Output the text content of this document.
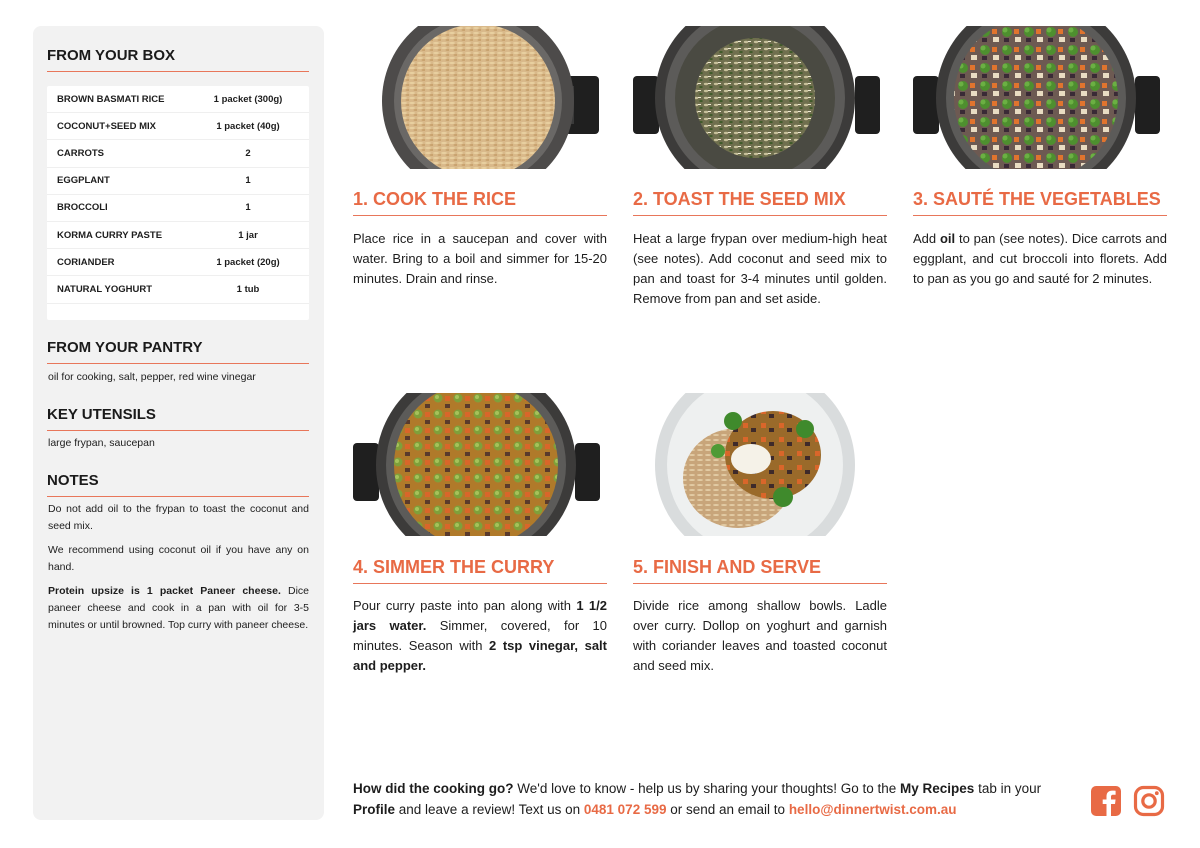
FROM YOUR BOX
BROWN BASMATI RICE	1 packet (300g)
COCONUT+SEED MIX	1 packet (40g)
CARROTS	2
EGGPLANT	1
BROCCOLI	1
KORMA CURRY PASTE	1 jar
CORIANDER	1 packet (20g)
NATURAL YOGHURT	1 tub
FROM YOUR PANTRY
oil for cooking, salt, pepper, red wine vinegar
KEY UTENSILS
large frypan, saucepan
NOTES
Do not add oil to the frypan to toast the coconut and seed mix.
We recommend using coconut oil if you have any on hand.
Protein upsize is 1 packet Paneer cheese. Dice paneer cheese and cook in a pan with oil for 3-5 minutes or until browned. Top curry with paneer cheese.
1. COOK THE RICE
Place rice in a saucepan and cover with water. Bring to a boil and simmer for 15-20 minutes. Drain and rinse.
2. TOAST THE SEED MIX
Heat a large frypan over medium-high heat (see notes). Add coconut and seed mix to pan and toast for 3-4 minutes until golden. Remove from pan and set aside.
3. SAUTÉ THE VEGETABLES
Add oil to pan (see notes). Dice carrots and eggplant, and cut broccoli into florets. Add to pan as you go and sauté for 2 minutes.
4. SIMMER THE CURRY
Pour curry paste into pan along with 1 1/2 jars water. Simmer, covered, for 10 minutes. Season with 2 tsp vinegar, salt and pepper.
5. FINISH AND SERVE
Divide rice among shallow bowls. Ladle over curry. Dollop on yoghurt and garnish with coriander leaves and toasted coconut and seed mix.
How did the cooking go? We'd love to know - help us by sharing your thoughts! Go to the My Recipes tab in your Profile and leave a review! Text us on 0481 072 599 or send an email to hello@dinnertwist.com.au
